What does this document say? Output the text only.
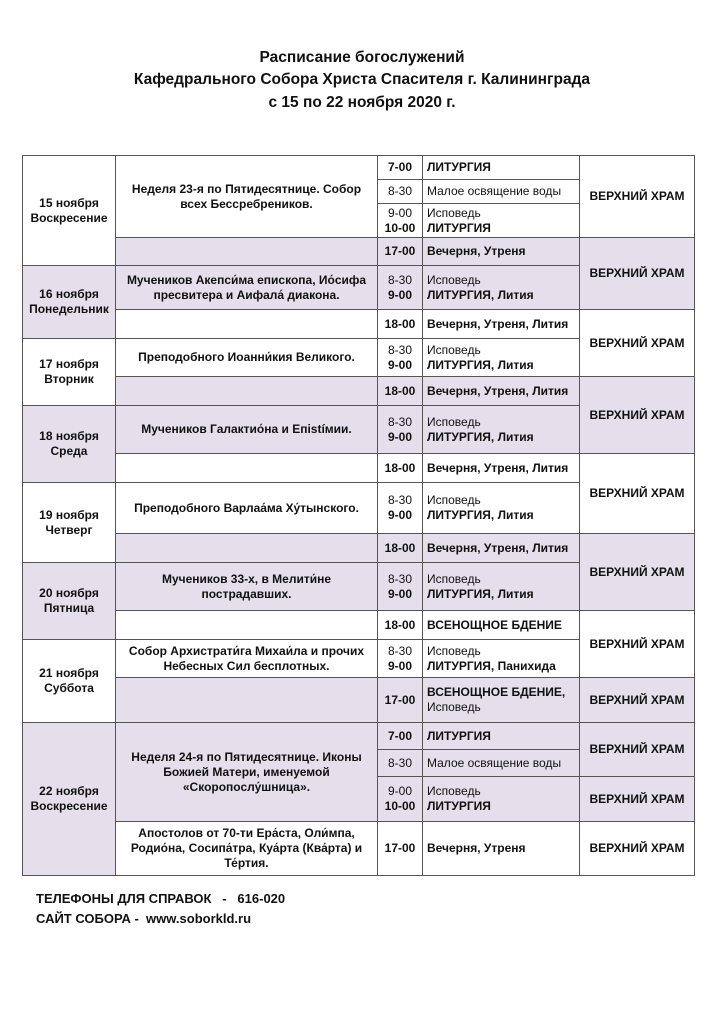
Расписание богослужений
Кафедрального Собора Христа Спасителя г. Калининграда
с 15 по 22 ноября 2020 г.
15 ноября
Воскресение	Неделя 23-я по Пятидесятнице. Собор всех Бессребреников.	7-00	ЛИТУРГИЯ	ВЕРХНИЙ ХРАМ

		8-30	Малое освящение воды	

		9-00
10-00	Исповедь
ЛИТУРГИЯ	

		17-00	Вечерня, Утреня	ВЕРХНИЙ ХРАМ
16 ноября
Понедельник	Мучеников Акепси́ма епископа, Ио́сифа пресвитера и Аифала́ диакона.	8-30
9-00	Исповедь
ЛИТУРГИЯ, Лития	

		18-00	Вечерня, Утреня, Лития	ВЕРХНИЙ ХРАМ
17 ноября
Вторник	Преподобного Иоанни́кия Великого.	8-30
9-00	Исповедь
ЛИТУРГИЯ, Лития	

		18-00	Вечерня, Утреня, Лития	ВЕРХНИЙ ХРАМ
18 ноября
Среда	Мучеников Галактио́на и Епistíмии.	8-30
9-00	Исповедь
ЛИТУРГИЯ, Лития	

		18-00	Вечерня, Утреня, Лития	ВЕРХНИЙ ХРАМ
19 ноября
Четверг	Преподобного Варлаа́ма Ху́тынского.	8-30
9-00	Исповедь
ЛИТУРГИЯ, Лития	

		18-00	Вечерня, Утреня, Лития	ВЕРХНИЙ ХРАМ
20 ноября
Пятница	Мучеников 33-х, в Мелити́не пострадавших.	8-30
9-00	Исповедь
ЛИТУРГИЯ, Лития	

		18-00	ВСЕНОЩНОЕ БДЕНИЕ	ВЕРХНИЙ ХРАМ
21 ноября
Суббота	Собор Архистрати́га Михаи́ла и прочих Небесных Сил бесплотных.	8-30
9-00	Исповедь
ЛИТУРГИЯ, Панихида	

		17-00	ВСЕНОЩНОЕ БДЕНИЕ,
Исповедь	ВЕРХНИЙ ХРАМ
22 ноября
Воскресение	Неделя 24-я по Пятидесятнице. Иконы Божией Матери, именуемой «Скоропослу́шница».	7-00	ЛИТУРГИЯ	ВЕРХНИЙ ХРАМ

		8-30	Малое освящение воды	

		9-00
10-00	Исповедь
ЛИТУРГИЯ	ВЕРХНИЙ ХРАМ
	Апостолов от 70-ти Ера́ста, Оли́мпа, Родио́на, Сосипа́тра, Куа́рта (Ква́рта) и Те́ртия.	17-00	Вечерня, Утреня	ВЕРХНИЙ ХРАМ
ТЕЛЕФОНЫ ДЛЯ СПРАВОК   -   616-020
САЙТ СОБОРА -  www.soborkld.ru
